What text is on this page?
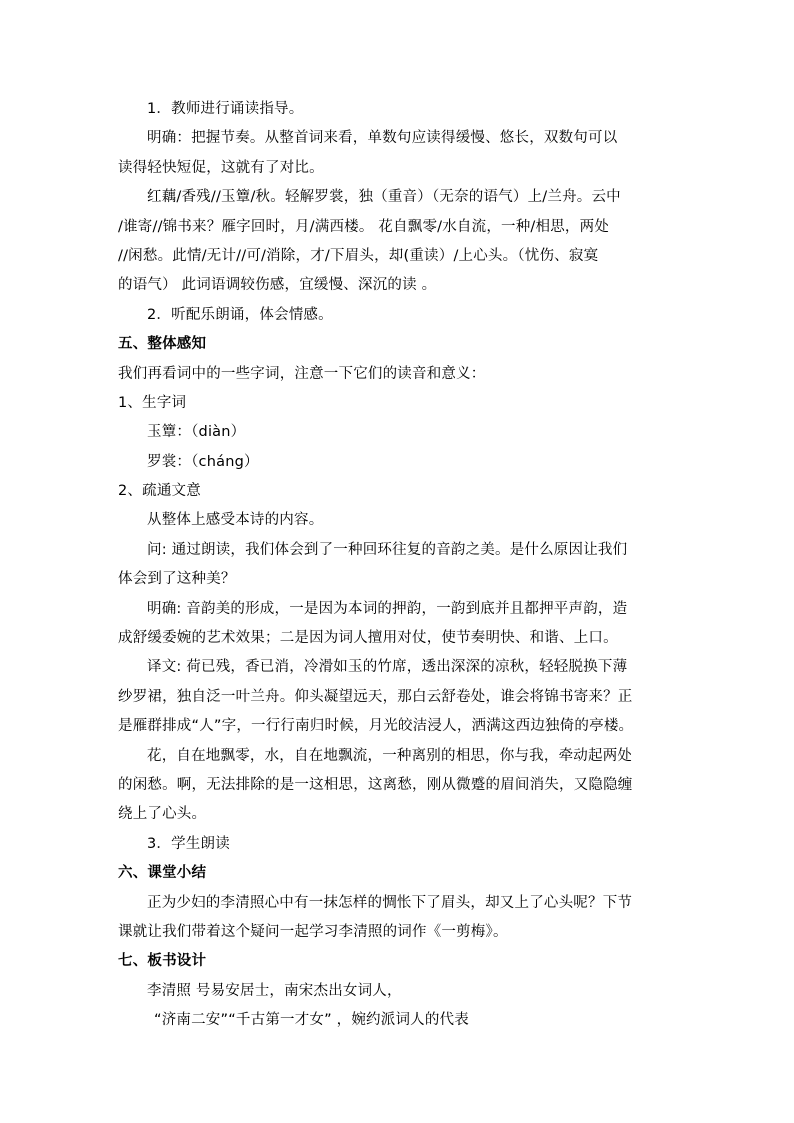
1．教师进行诵读指导。
明确：把握节奏。从整首词来看，单数句应读得缓慢、悠长，双数句可以
读得轻快短促，这就有了对比。
红藕/香残//玉簟/秋。轻解罗裳，独（重音）（无奈的语气）上/兰舟。云中
/谁寄//锦书来？雁字回时，月/满西楼。 花自飘零/水自流，一种/相思，两处
//闲愁。此情/无计//可/消除，才/下眉头，却(重读）/上心头。（忧伤、寂寞
的语气） 此词语调较伤感，宜缓慢、深沉的读 。
2．听配乐朗诵，体会情感。
五、整体感知
我们再看词中的一些字词，注意一下它们的读音和意义：
1、生字词
玉簟：（diàn）
罗裳：（cháng）
2、疏通文意
从整体上感受本诗的内容。
问: 通过朗读，我们体会到了一种回环往复的音韵之美。是什么原因让我们
体会到了这种美？
明确: 音韵美的形成，一是因为本词的押韵，一韵到底并且都押平声韵，造
成舒缓委婉的艺术效果；二是因为词人擅用对仗，使节奏明快、和谐、上口。
译文: 荷已残，香已消，冷滑如玉的竹席，透出深深的凉秋，轻轻脱换下薄
纱罗裙，独自泛一叶兰舟。仰头凝望远天，那白云舒卷处，谁会将锦书寄来？正
是雁群排成“人”字，一行行南归时候，月光皎洁浸人，洒满这西边独倚的亭楼。
花，自在地飘零，水，自在地飘流，一种离别的相思，你与我，牵动起两处
的闲愁。啊，无法排除的是一这相思，这离愁，刚从微蹙的眉间消失，又隐隐缠
绕上了心头。
3．学生朗读
六、课堂小结
正为少妇的李清照心中有一抹怎样的惆怅下了眉头，却又上了心头呢？下节
课就让我们带着这个疑问一起学习李清照的词作《一剪梅》。
七、板书设计
李清照 号易安居士，南宋杰出女词人，
“济南二安”“千古第一才女” ，婉约派词人的代表
